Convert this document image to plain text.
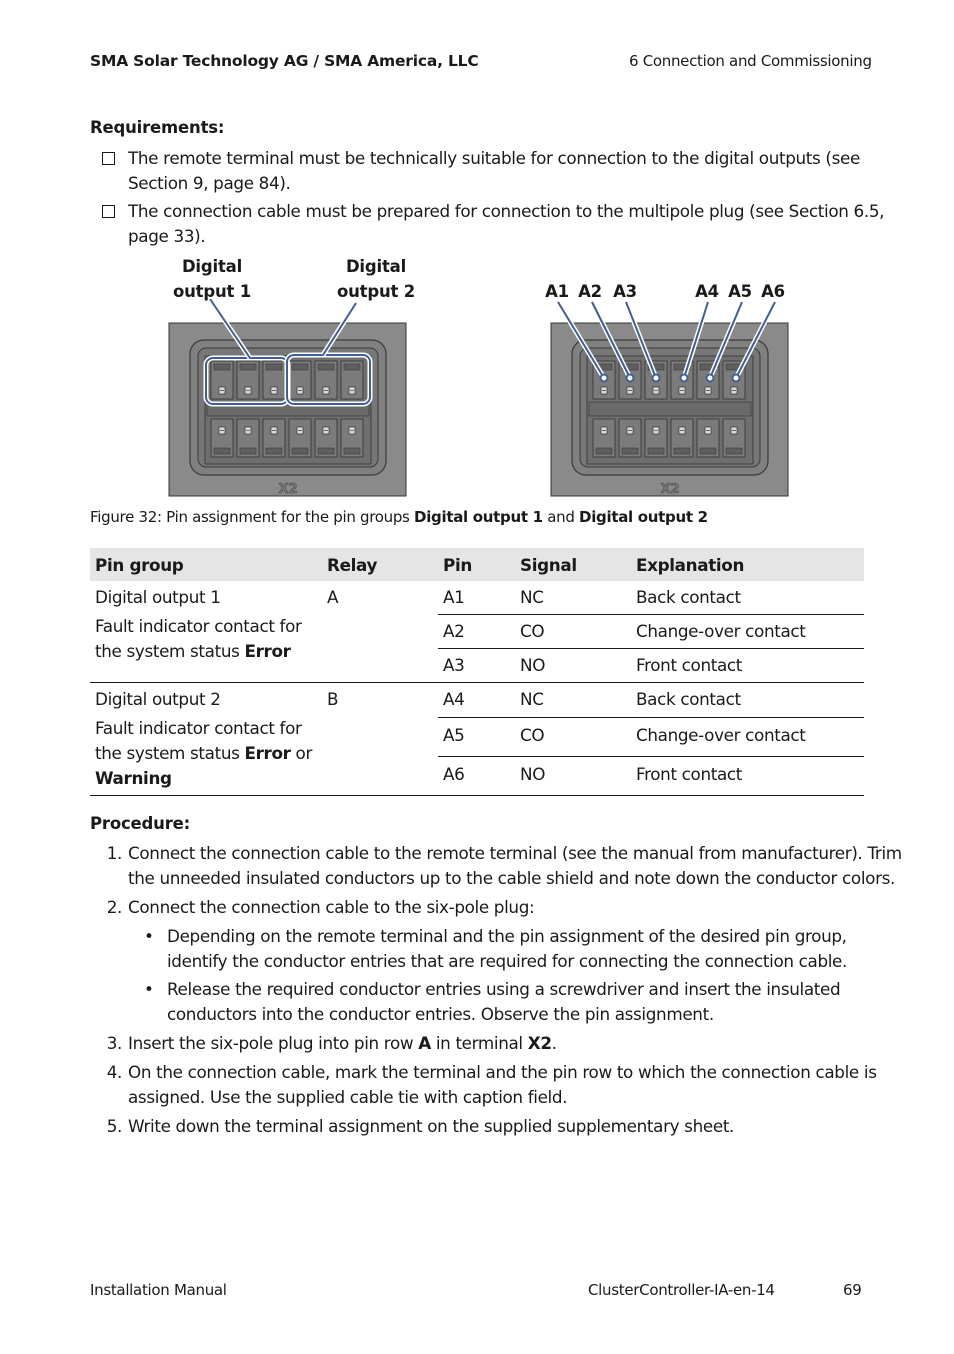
SMA Solar Technology AG / SMA America, LLC	6 Connection and Commissioning
Requirements:
The remote terminal must be technically suitable for connection to the digital outputs (see
Section 9, page 84).
The connection cable must be prepared for connection to the multipole plug (see Section 6.5,
page 33).
Digital
output 1
Digital
output 2	A1 A2 A3	A4 A5 A6
X2	X2
Figure 32: Pin assignment for the pin groups Digital output 1 and Digital output 2
Pin group	Relay	Pin	Signal	Explanation

Digital output 1
Fault indicator contact for
the system status Error	A	A1	NC	Back contact
		A2	CO	Change-over contact
		A3	NO	Front contact

Digital output 2
Fault indicator contact for
the system status Error or
Warning	B	A4	NC	Back contact
		A5	CO	Change-over contact
		A6	NO	Front contact
Procedure:
1. Connect the connection cable to the remote terminal (see the manual from manufacturer). Trim
the unneeded insulated conductors up to the cable shield and note down the conductor colors.
2. Connect the connection cable to the six-pole plug:
• Depending on the remote terminal and the pin assignment of the desired pin group,
identify the conductor entries that are required for connecting the connection cable.
• Release the required conductor entries using a screwdriver and insert the insulated
conductors into the conductor entries. Observe the pin assignment.
3. Insert the six-pole plug into pin row A in terminal X2.
4. On the connection cable, mark the terminal and the pin row to which the connection cable is
assigned. Use the supplied cable tie with caption field.
5. Write down the terminal assignment on the supplied supplementary sheet.
Installation Manual	ClusterController-IA-en-14	69
